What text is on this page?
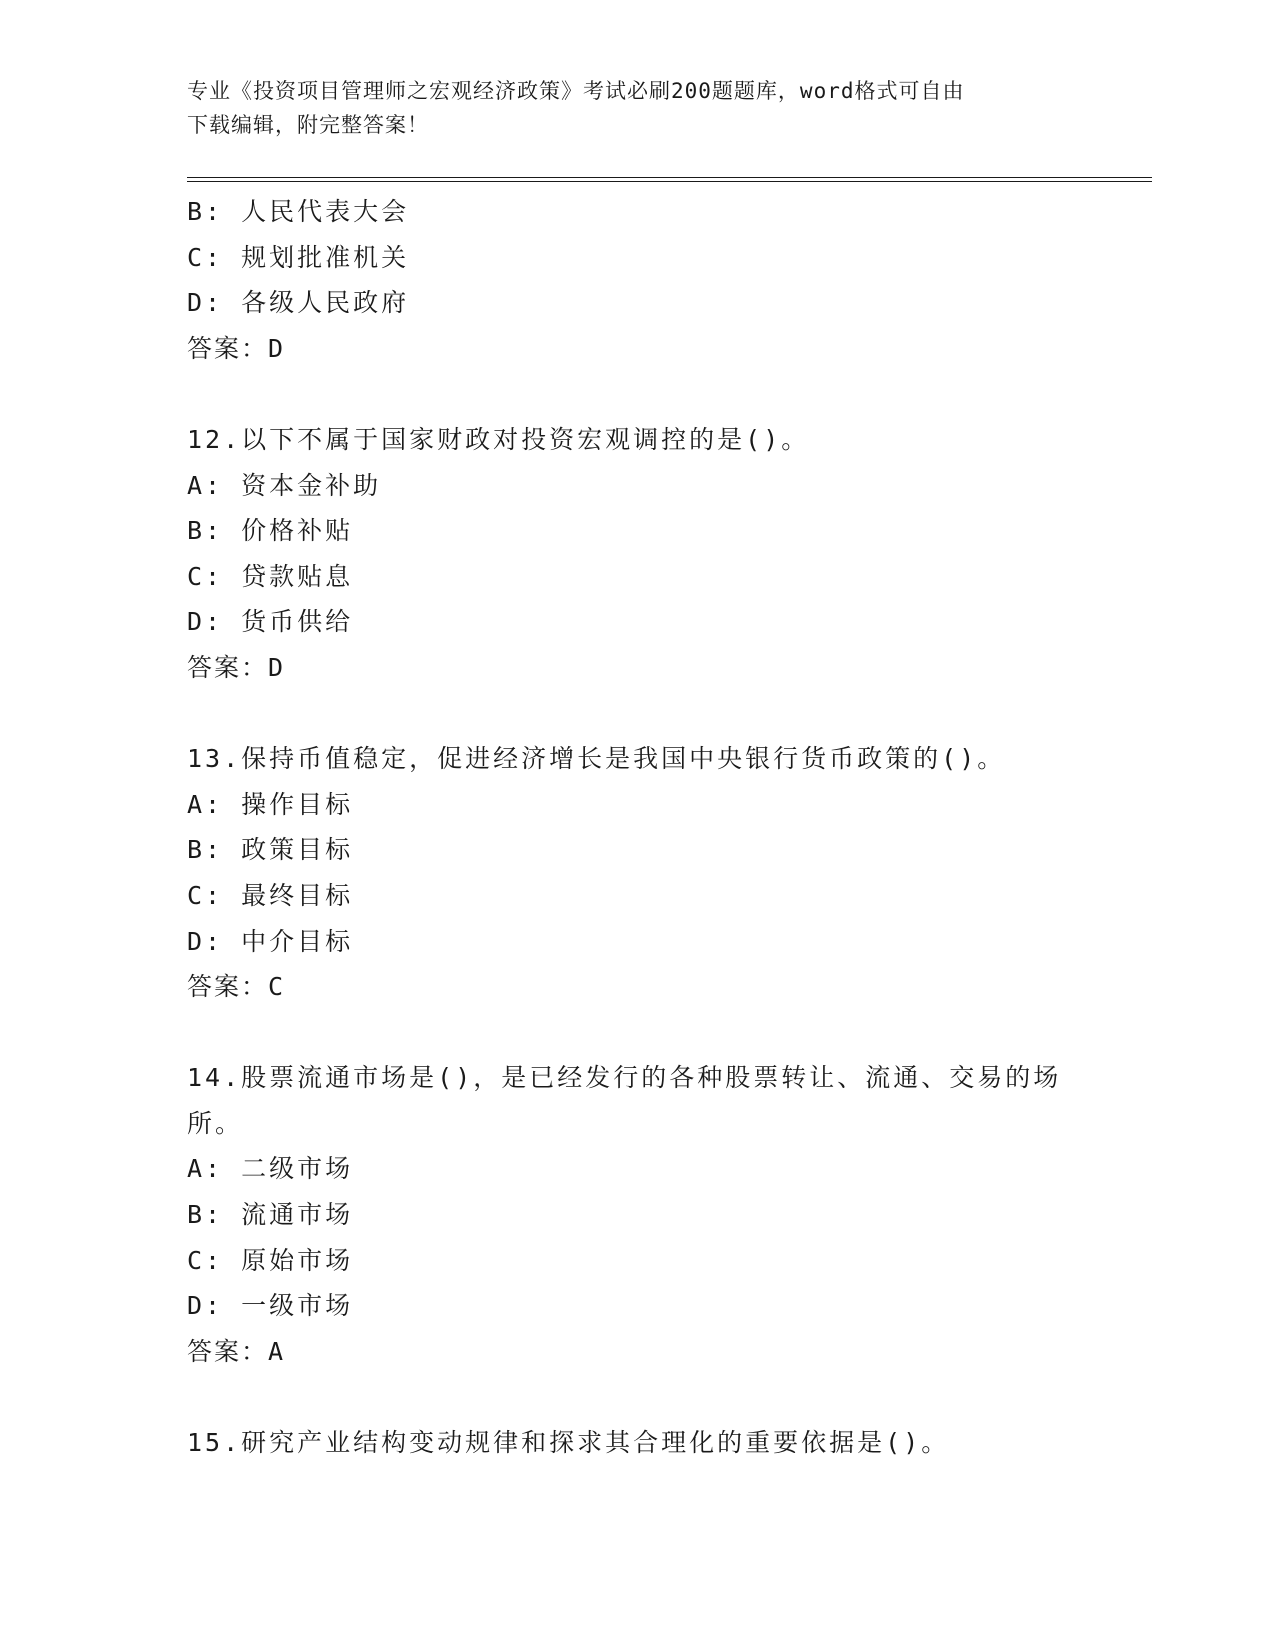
专业《投资项目管理师之宏观经济政策》考试必刷200题题库，word格式可自由
下载编辑，附完整答案！
B: 人民代表大会
C: 规划批准机关
D: 各级人民政府
答案：D
12.以下不属于国家财政对投资宏观调控的是()。
A: 资本金补助
B: 价格补贴
C: 贷款贴息
D: 货币供给
答案：D
13.保持币值稳定，促进经济增长是我国中央银行货币政策的()。
A: 操作目标
B: 政策目标
C: 最终目标
D: 中介目标
答案：C
14.股票流通市场是()，是已经发行的各种股票转让、流通、交易的场
所。
A: 二级市场
B: 流通市场
C: 原始市场
D: 一级市场
答案：A
15.研究产业结构变动规律和探求其合理化的重要依据是()。
